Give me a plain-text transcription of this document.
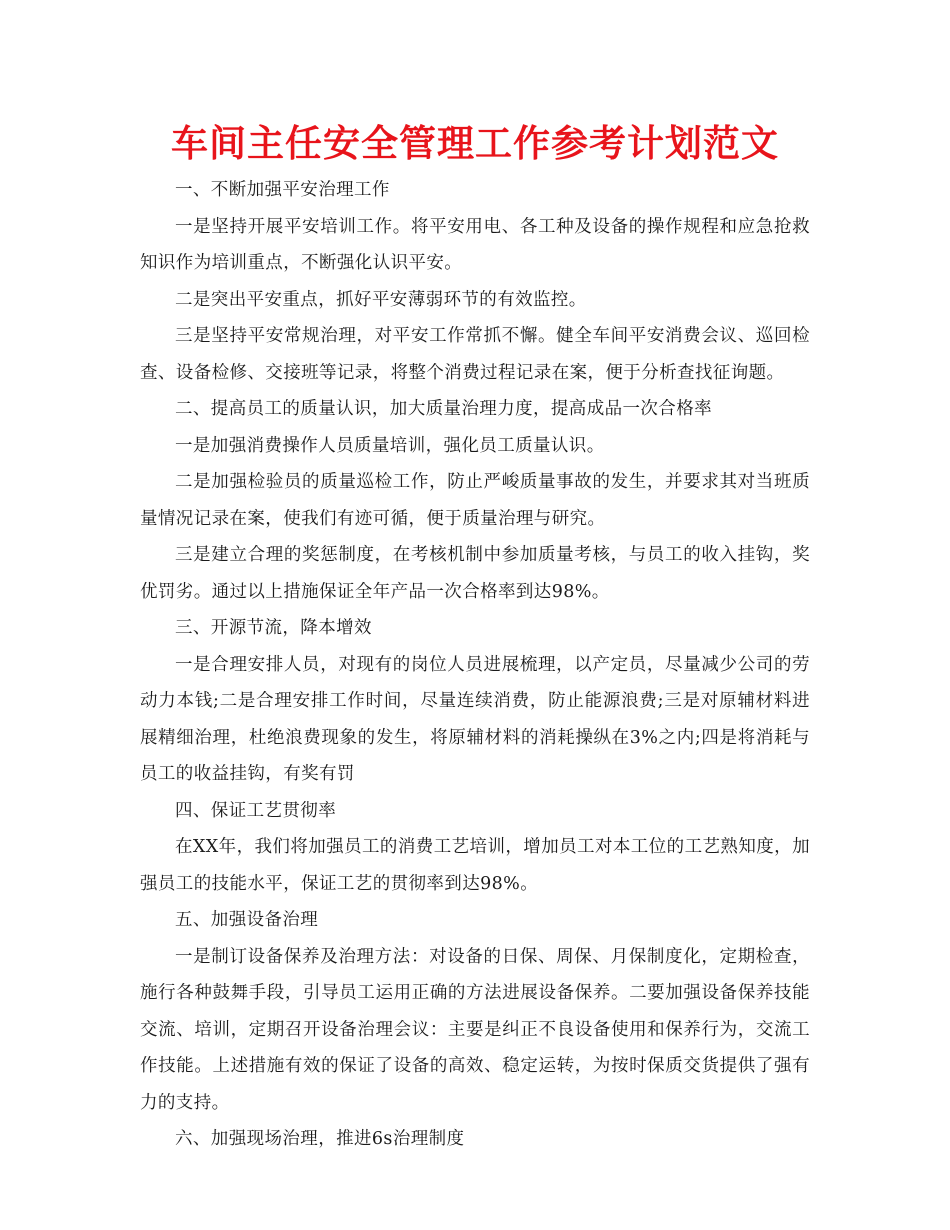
车间主任安全管理工作参考计划范文

一、不断加强平安治理工作

一是坚持开展平安培训工作。将平安用电、各工种及设备的操作规程和应急抢救知识作为培训重点，不断强化认识平安。

二是突出平安重点，抓好平安薄弱环节的有效监控。

三是坚持平安常规治理，对平安工作常抓不懈。健全车间平安消费会议、巡回检查、设备检修、交接班等记录，将整个消费过程记录在案，便于分析查找征询题。

二、提高员工的质量认识，加大质量治理力度，提高成品一次合格率

一是加强消费操作人员质量培训，强化员工质量认识。

二是加强检验员的质量巡检工作，防止严峻质量事故的发生，并要求其对当班质量情况记录在案，使我们有迹可循，便于质量治理与研究。

三是建立合理的奖惩制度，在考核机制中参加质量考核，与员工的收入挂钩，奖优罚劣。通过以上措施保证全年产品一次合格率到达98%。

三、开源节流，降本增效

一是合理安排人员，对现有的岗位人员进展梳理，以产定员，尽量减少公司的劳动力本钱;二是合理安排工作时间，尽量连续消费，防止能源浪费;三是对原辅材料进展精细治理，杜绝浪费现象的发生，将原辅材料的消耗操纵在3%之内;四是将消耗与员工的收益挂钩，有奖有罚

四、保证工艺贯彻率

在XX年，我们将加强员工的消费工艺培训，增加员工对本工位的工艺熟知度，加强员工的技能水平，保证工艺的贯彻率到达98%。

五、加强设备治理

一是制订设备保养及治理方法：对设备的日保、周保、月保制度化，定期检查，施行各种鼓舞手段，引导员工运用正确的方法进展设备保养。二要加强设备保养技能交流、培训，定期召开设备治理会议：主要是纠正不良设备使用和保养行为，交流工作技能。上述措施有效的保证了设备的高效、稳定运转，为按时保质交货提供了强有力的支持。

六、加强现场治理，推进6s治理制度
